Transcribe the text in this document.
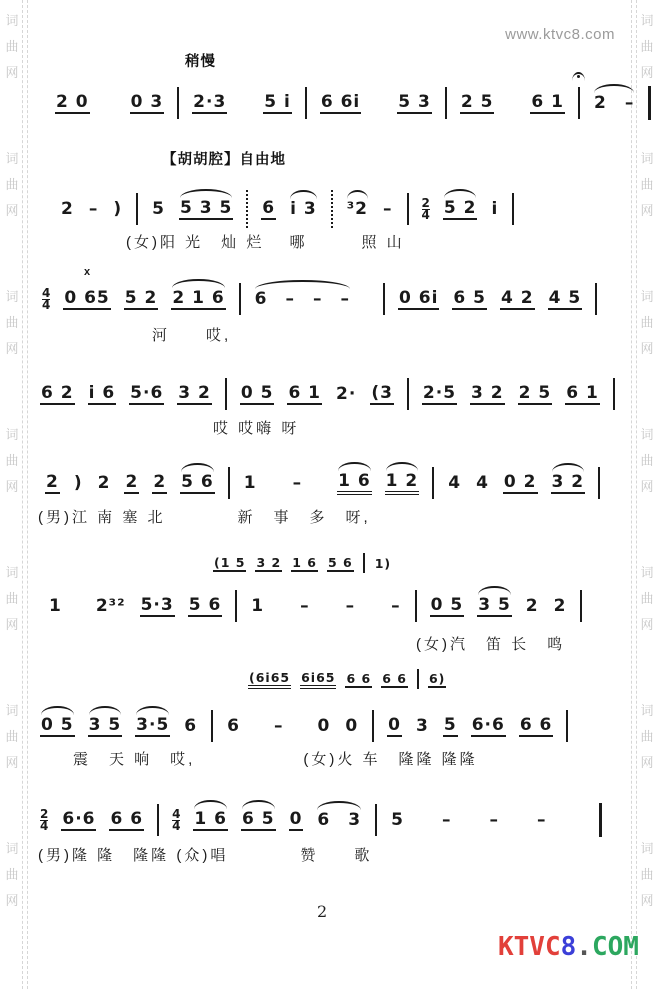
词
曲
网
词
曲
网
词
曲
网
词
曲
网
词
曲
网
词
曲
网
词
曲
网
词
曲
网
词
曲
网
词
曲
网
词
曲
网
词
曲
网
词
曲
网
词
曲
网
www.ktvc8.com
稍慢
2 0 0 3 2·3 5 i 6 6i 5 3 2 5 6 1 2　–
【胡胡腔】自由地
2 – ) 5 5 3 5 6 i 3 $^32 - \frac{2}{4} 5$ 2 i
(女)阳 光　灿 烂　 哪　　　照 山
x
$\frac{4}{4} 0$ 65 5 2 2 1 6 6　–　–　–	0 6i 6 5 4 2 4 5
河　　哎,
6 2 i 6 5·6 3 2 0 5 6 1 2· (3 2·5 3 2 2 5 6 1
哎 哎嗨 呀
2 ) 2 2 2 5 6 1 – 1 6 1 2 4 4 0 2 3 2
(男)江 南 塞 北　　　　新　事　多　呀,
(1 5 3 2 1 6 5 6 1)
1 2³² 5·3 5 6 1 – – – 0 5 3 5 2 2
(女)汽　笛 长　鸣
(6i65 6i65 6 6 6 6 6)
0 5 3 5 3·5 6 6 – 0 0 0 3 5 6·6 6 6
震　天 响　哎,　　　　　　(女)火 车　隆隆 隆隆
$\frac{2}{4} 6\cdot 6$ 6 $6 \frac{4}{4} 1$ 6 6 5 0 6　3 5 – – –
(男)隆 隆　隆隆 (众)唱　　　　赞　　歌
2
KTVC8.COM
